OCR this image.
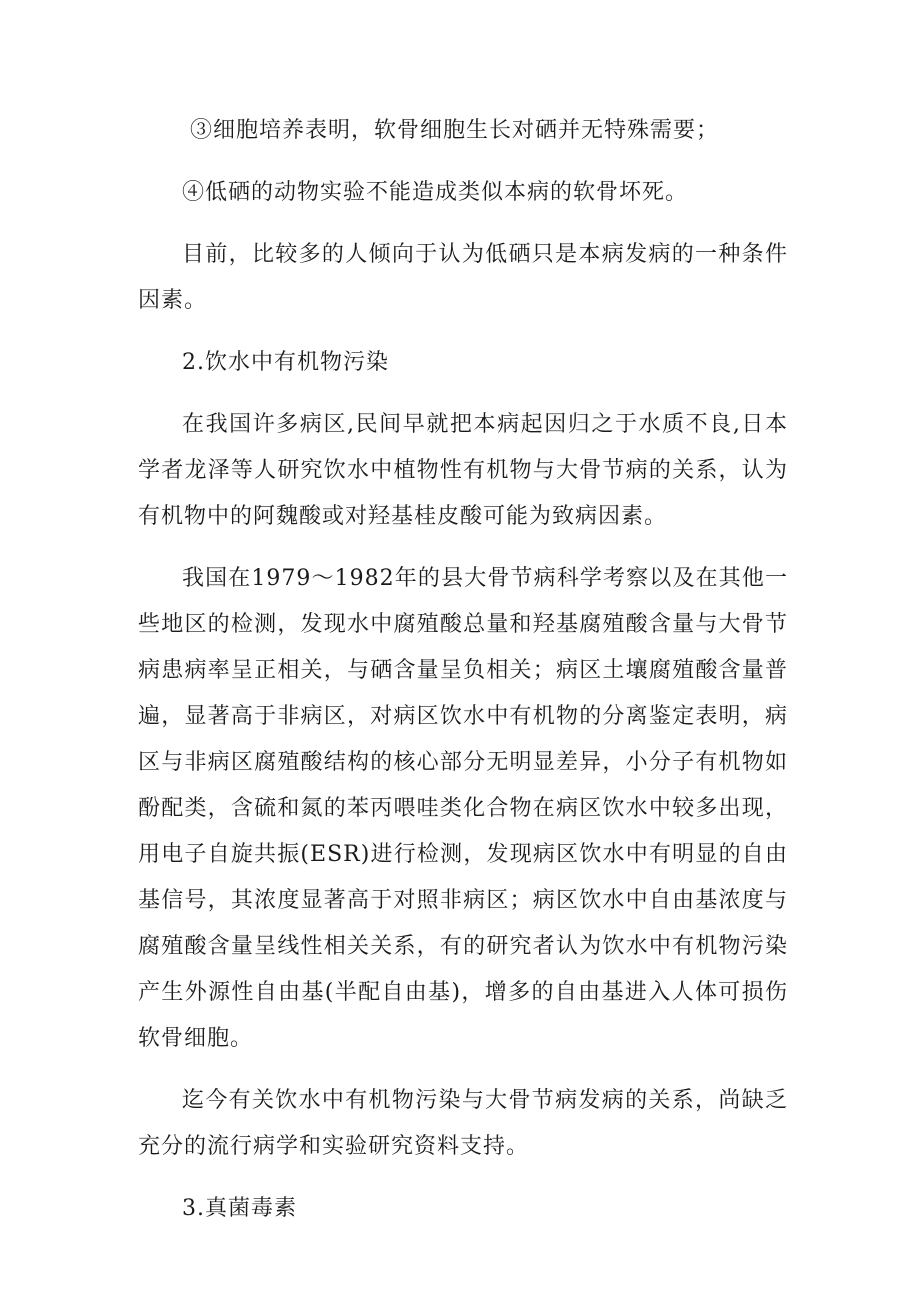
③细胞培养表明，软骨细胞生长对硒并无特殊需要；

④低硒的动物实验不能造成类似本病的软骨坏死。

目前，比较多的人倾向于认为低硒只是本病发病的一种条件因素。

2.饮水中有机物污染

在我国许多病区,民间早就把本病起因归之于水质不良,日本学者龙泽等人研究饮水中植物性有机物与大骨节病的关系，认为有机物中的阿魏酸或对羟基桂皮酸可能为致病因素。

我国在1979～1982年的县大骨节病科学考察以及在其他一些地区的检测，发现水中腐殖酸总量和羟基腐殖酸含量与大骨节病患病率呈正相关，与硒含量呈负相关；病区土壤腐殖酸含量普遍，显著高于非病区，对病区饮水中有机物的分离鉴定表明，病区与非病区腐殖酸结构的核心部分无明显差异，小分子有机物如酚配类，含硫和氮的苯丙喂哇类化合物在病区饮水中较多出现，用电子自旋共振(ESR)进行检测，发现病区饮水中有明显的自由基信号，其浓度显著高于对照非病区；病区饮水中自由基浓度与腐殖酸含量呈线性相关关系，有的研究者认为饮水中有机物污染产生外源性自由基(半配自由基)，增多的自由基进入人体可损伤软骨细胞。

迄今有关饮水中有机物污染与大骨节病发病的关系，尚缺乏充分的流行病学和实验研究资料支持。

3.真菌毒素
